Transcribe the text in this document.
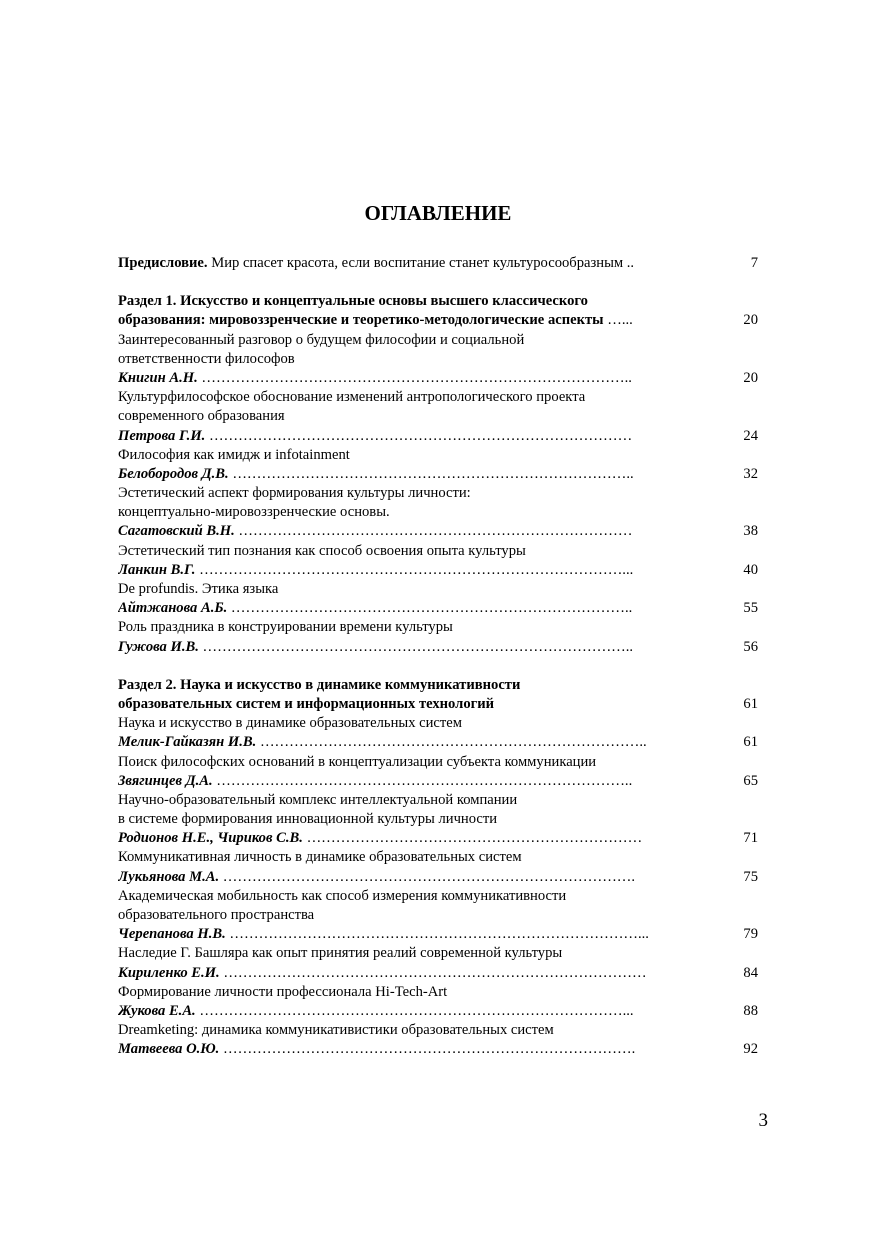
ОГЛАВЛЕНИЕ
Предисловие. Мир спасет красота, если воспитание станет культуросообразным ..	7
Раздел 1. Искусство и концептуальные основы высшего классического
образования: мировоззренческие и теоретико-методологические аспекты …...	20
Заинтересованный разговор о будущем философии и социальной
ответственности философов
Книгин А.Н. ……………………………………………………………………………..	20
Культурфилософское обоснование изменений антропологического проекта
современного образования
Петрова Г.И. ……………………………………………………………………………	24
Философия как имидж и infotainment
Белобородов Д.В. ………………………………………………………………………..	32
Эстетический аспект формирования культуры личности:
концептуально-мировоззренческие основы.
Сагатовский В.Н. ………………………………………………………………………	38
Эстетический тип познания как способ освоения опыта культуры
Ланкин В.Г. ……………………………………………………………………………...	40
De profundis. Этика языка
Айтжанова А.Б. ………………………………………………………………………..	55
Роль праздника в конструировании времени культуры
Гужова И.В. ……………………………………………………………………………..	56
Раздел 2. Наука и искусство в динамике коммуникативности
образовательных систем и информационных технологий	61
Наука и искусство в динамике образовательных систем
Мелик-Гайказян И.В. ……………………………………………………………………..	61
Поиск философских оснований в концептуализации субъекта коммуникации
Звягинцев Д.А. …………………………………………………………………………..	65
Научно-образовательный комплекс интеллектуальной компании
в системе формирования инновационной культуры личности
Родионов Н.Е., Чириков С.В. ……………………………………………………………	71
Коммуникативная личность в динамике образовательных систем
Лукьянова М.А. ………………………………………………………………………….	75
Академическая мобильность как способ измерения коммуникативности
образовательного пространства
Черепанова Н.В. …………………………………………………………………………...	79
Наследие Г. Башляра как опыт принятия реалий современной культуры
Кириленко Е.И. ……………………………………………………………………………	84
Формирование личности профессионала Hi-Tech-Art
Жукова Е.А. ……………………………………………………………………………...	88
Dreamketing: динамика коммуникативистики образовательных систем
Матвеева О.Ю. ………………………………………………………………………….	92
3
